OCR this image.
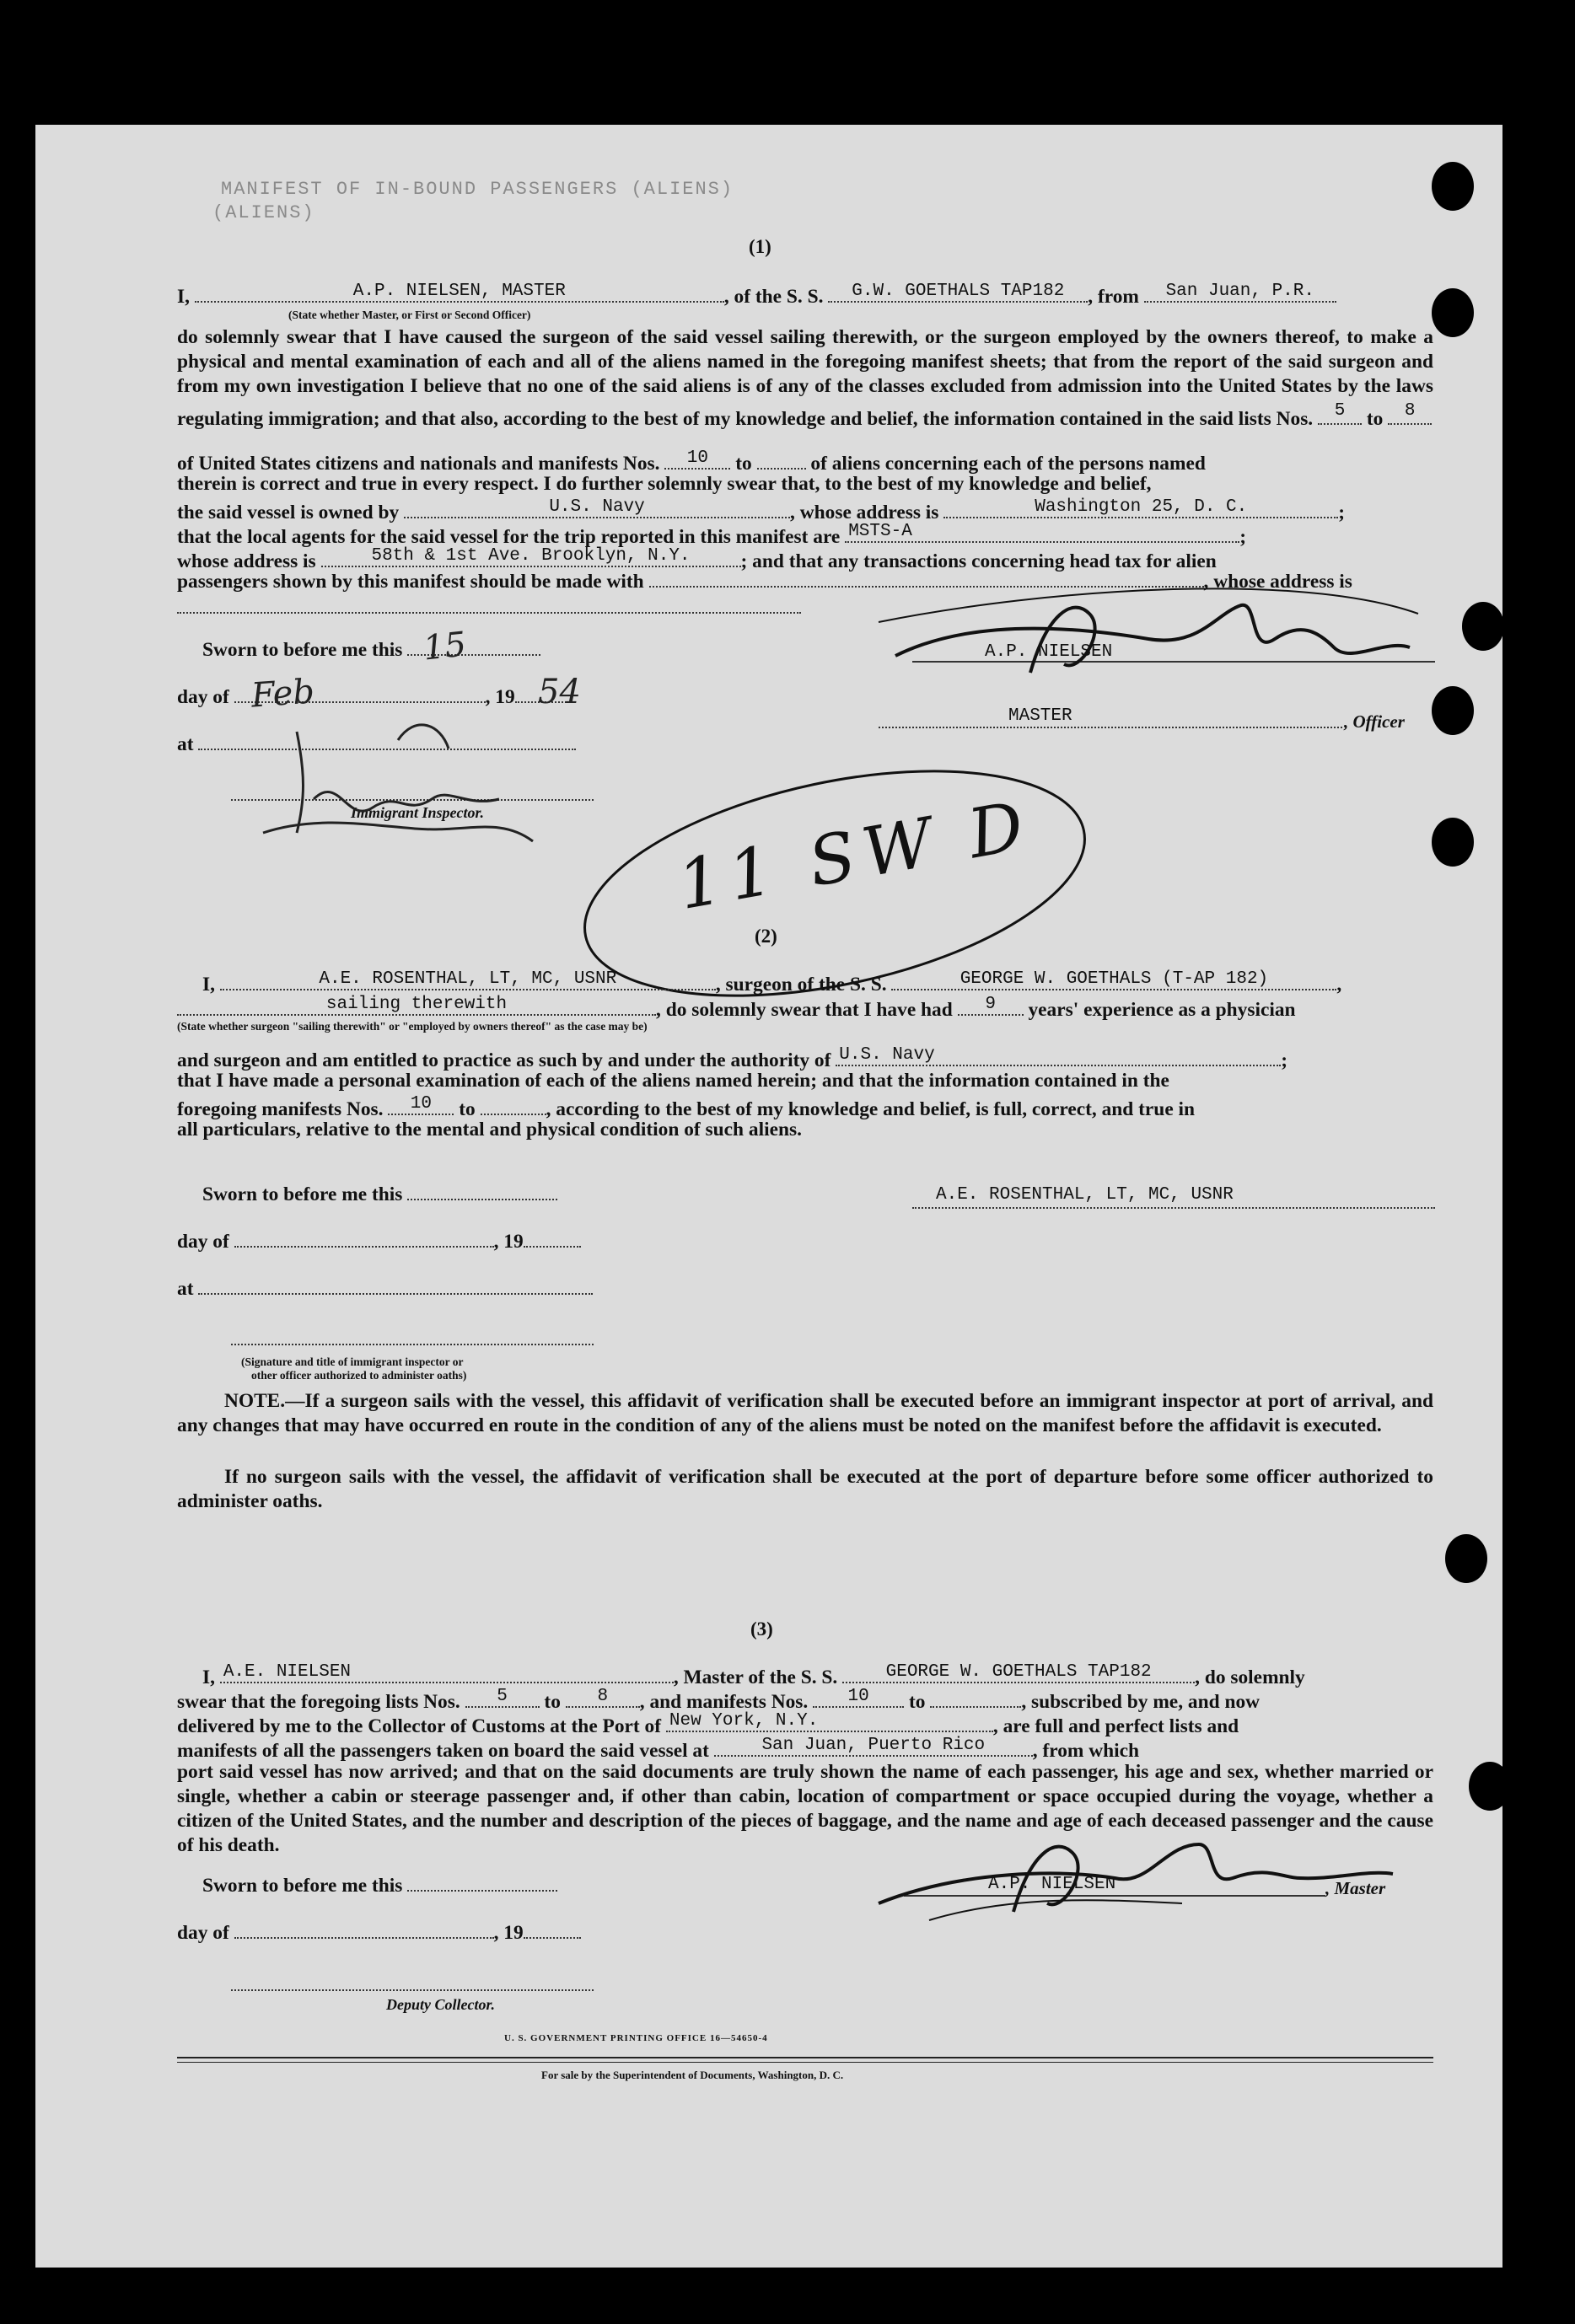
MANIFEST OF IN-BOUND PASSENGERS (ALIENS)
(ALIENS)
(1)
I,	A.P. NIELSEN, MASTER	, of the S. S. G.W. GOETHALS TAP182 , from San Juan, P.R.
(State whether Master, or First or Second Officer)
do solemnly swear that I have caused the surgeon of the said vessel sailing therewith, or the surgeon employed by the owners thereof, to make a physical and mental examination of each and all of the aliens named in the foregoing manifest sheets; that from the report of the said surgeon and from my own investigation I believe that no one of the said aliens is of any of the classes excluded from admission into the United States by the laws regulating immigration; and that also, according to the best of my knowledge and belief, the information contained in the said lists Nos. 5 to 8
of United States citizens and nationals and manifests Nos. 10 to	of aliens concerning each of the persons named
therein is correct and true in every respect. I do further solemnly swear that, to the best of my knowledge and belief,
the said vessel is owned by	U.S. Navy	, whose address is	Washington 25, D. C.	;
that the local agents for the said vessel for the trip reported in this manifest are MSTS-A	;
whose address is	58th & 1st Ave. Brooklyn, N.Y.	; and that any transactions concerning head tax for alien
passengers shown by this manifest should be made with	, whose address is
Sworn to before me this
day of	, 19
at
Immigrant Inspector.
15
Feb	54
A.P. NIELSEN
MASTER	, Officer
11 SW D
(2)
I,	A.E. ROSENTHAL, LT, MC, USNR	, surgeon of the S. S.	GEORGE W. GOETHALS (T-AP 182)	,
sailing therewith	, do solemnly swear that I have had 9 years' experience as a physician
(State whether surgeon "sailing therewith" or "employed by owners thereof" as the case may be)
and surgeon and am entitled to practice as such by and under the authority of U.S. Navy	;
that I have made a personal examination of each of the aliens named herein; and that the information contained in the
foregoing manifests Nos. 10 to	, according to the best of my knowledge and belief, is full, correct, and true in
all particulars, relative to the mental and physical condition of such aliens.
Sworn to before me this	A.E. ROSENTHAL, LT, MC, USNR
day of	, 19
at
(Signature and title of immigrant inspector or
other officer authorized to administer oaths)
NOTE.—If a surgeon sails with the vessel, this affidavit of verification shall be executed before an immigrant inspector at port of arrival, and any changes that may have occurred en route in the condition of any of the aliens must be noted on the manifest before the affidavit is executed.
If no surgeon sails with the vessel, the affidavit of verification shall be executed at the port of departure before some officer authorized to administer oaths.
(3)
I, A.E. NIELSEN	, Master of the S. S.	GEORGE W. GOETHALS TAP182 , do solemnly
swear that the foregoing lists Nos. 5 to 8 , and manifests Nos. 10 to	, subscribed by me, and now
delivered by me to the Collector of Customs at the Port of New York, N.Y.	, are full and perfect lists and
manifests of all the passengers taken on board the said vessel at	San Juan, Puerto Rico , from which
port said vessel has now arrived; and that on the said documents are truly shown the name of each passenger, his age and sex, whether married or single, whether a cabin or steerage passenger and, if other than cabin, location of compartment or space occupied during the voyage, whether a citizen of the United States, and the number and description of the pieces of baggage, and the name and age of each deceased passenger and the cause of his death.
Sworn to before me this	A.P. NIELSEN	, Master
day of	, 19
Deputy Collector.
U. S. GOVERNMENT PRINTING OFFICE 16—54650-4
For sale by the Superintendent of Documents, Washington, D. C.
